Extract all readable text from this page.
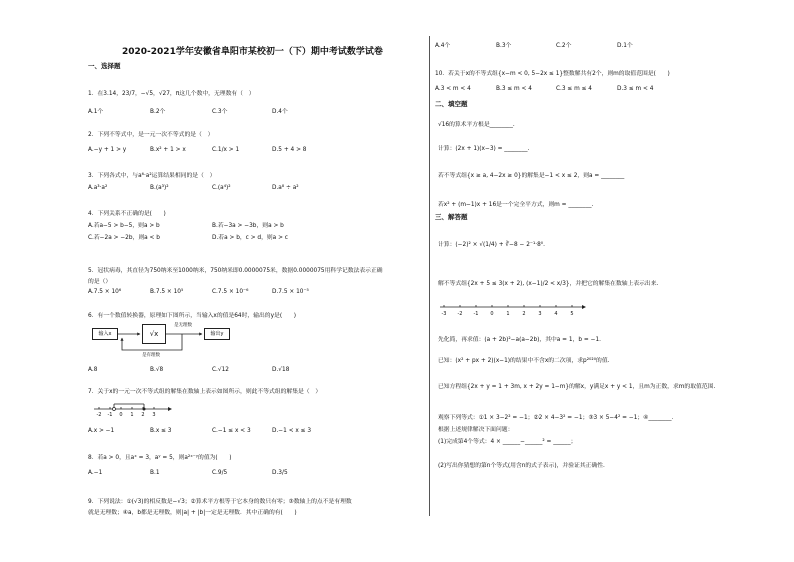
2020-2021学年安徽省阜阳市某校初一（下）期中考试数学试卷
一、选择题
1．在3.14，23/7，−√5，√27，π这几个数中，无理数有（　）
A.1个	B.2个	C.3个	D.4个
2．下列不等式中，是一元一次不等式的是（　）
A.−y + 1 > y	B.x² + 1 > x	C.1/x > 1	D.5 + 4 > 8
3．下列各式中，与a⁶·a²运算结果相同的是（　）
A.a³·a²	B.(a³)²	C.(a⁴)²	D.a⁸ ÷ a²
4．下列关系不正确的是(　　)
A.若a−5 > b−5，则a > b	B.若−3a > −3b，则a > b
C.若−2a > −2b，则a < b	D.若a > b，c > d，则a > c
5．冠状病毒，其直径为750纳米至1000纳米，750纳米即0.0000075米，数据0.0000075用科学记数法表示正确
的是（）
A.7.5 × 10⁶	B.7.5 × 10⁵	C.7.5 × 10⁻⁶	D.7.5 × 10⁻⁵
6．有一个数值转换器，原理如下图所示，当输入x的值是64时，输出的y是(　　)
输入x	√x	输出y
是无理数
是有理数
A.8	B.√8	C.√12	D.√18
7．关于x的一元一次不等式组的解集在数轴上表示如图所示，则此不等式组的解集是（　）
-2 -1 0 1 2 3
A.x > −1	B.x ≤ 3	C.−1 ≤ x < 3	D.−1 < x ≤ 3
8．若a > 0，且aˣ = 3，aʸ = 5，则a²ˣ⁻ʸ的值为(　　)
A.−1	B.1	C.9/5	D.3/5
9．下列说法：①(√3)的相反数是−√3；②算术平方根等于它本身的数只有零；③数轴上的点不是有理数
就是无理数；④a，b都是无理数，则|a| + |b|一定是无理数．其中正确的有(　　)
A.4个	B.3个	C.2个	D.1个
10．若关于x的不等式组{x−m < 0, 5−2x ≤ 1}整数解共有2个，则m的取值范围是(　　)
A.3 < m < 4	B.3 ≤ m < 4	C.3 ≤ m ≤ 4	D.3 ≤ m < 4
二、填空题
√16的算术平方根是________.
计算：(2x + 1)(x−3) = ________.
若不等式组{x ≥ a, 4−2x ≥ 0}的解集是−1 < x ≤ 2，则a = ________
若x² + (m−1)x + 16是一个完全平方式，则m = ________.
三、解答题
计算：(−2)² × √(1/4) + ∛−8 − 2⁻¹·8⁰.
解不等式组{2x + 5 ≤ 3(x + 2), (x−1)/2 < x/3}，并把它的解集在数轴上表示出来.
-3 -2 -1 0	1	2	3	4	5
先化简，再求值：(a + 2b)²−a(a−2b)，其中a = 1，b = −1.
已知：(x² + px + 2)(x−1)的结果中不含x的二次项，求p²⁰²⁰的值.
已知方程组{2x + y = 1 + 3m, x + 2y = 1−m}的解x，y满足x + y < 1，且m为正数，求m的取值范围.
观察下列等式：①1 × 3−2² = −1；②2 × 4−3² = −1；③3 × 5−4² = −1；④________．
根据上述规律解决下面问题：
(1)完成第4个等式：4 × ______−______² = ______；
(2)写出你猜想的第n个等式(用含n的式子表示)，并验证其正确性.
